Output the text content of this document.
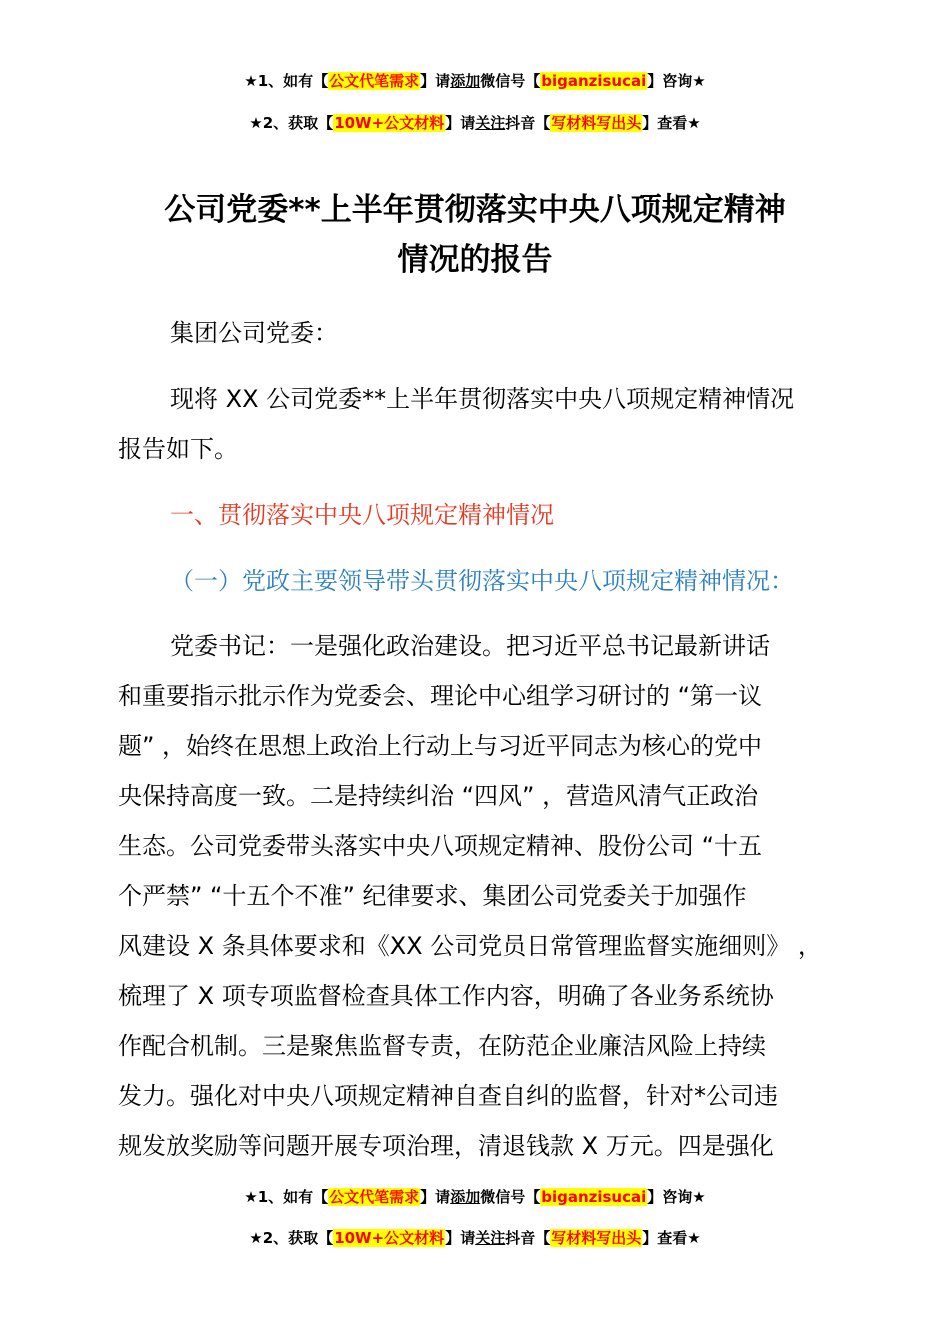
★1、如有【公文代笔需求】请添加微信号【biganzisucai】咨询★
★2、获取【10W+公文材料】请关注抖音【写材料写出头】查看★
公司党委**上半年贯彻落实中央八项规定精神
情况的报告
集团公司党委：
现将 XX 公司党委**上半年贯彻落实中央八项规定精神情况
报告如下。
一、贯彻落实中央八项规定精神情况
（一）党政主要领导带头贯彻落实中央八项规定精神情况：
党委书记：一是强化政治建设。把习近平总书记最新讲话
和重要指示批示作为党委会、理论中心组学习研讨的 “第一议
题” ，始终在思想上政治上行动上与习近平同志为核心的党中
央保持高度一致。二是持续纠治 “四风” ，营造风清气正政治
生态。公司党委带头落实中央八项规定精神、股份公司 “十五
个严禁” “十五个不准” 纪律要求、集团公司党委关于加强作
风建设 X 条具体要求和《XX 公司党员日常管理监督实施细则》 ，
梳理了 X 项专项监督检查具体工作内容，明确了各业务系统协
作配合机制。三是聚焦监督专责，在防范企业廉洁风险上持续
发力。强化对中央八项规定精神自查自纠的监督，针对*公司违
规发放奖励等问题开展专项治理，清退钱款 X 万元。四是强化
★1、如有【公文代笔需求】请添加微信号【biganzisucai】咨询★
★2、获取【10W+公文材料】请关注抖音【写材料写出头】查看★
